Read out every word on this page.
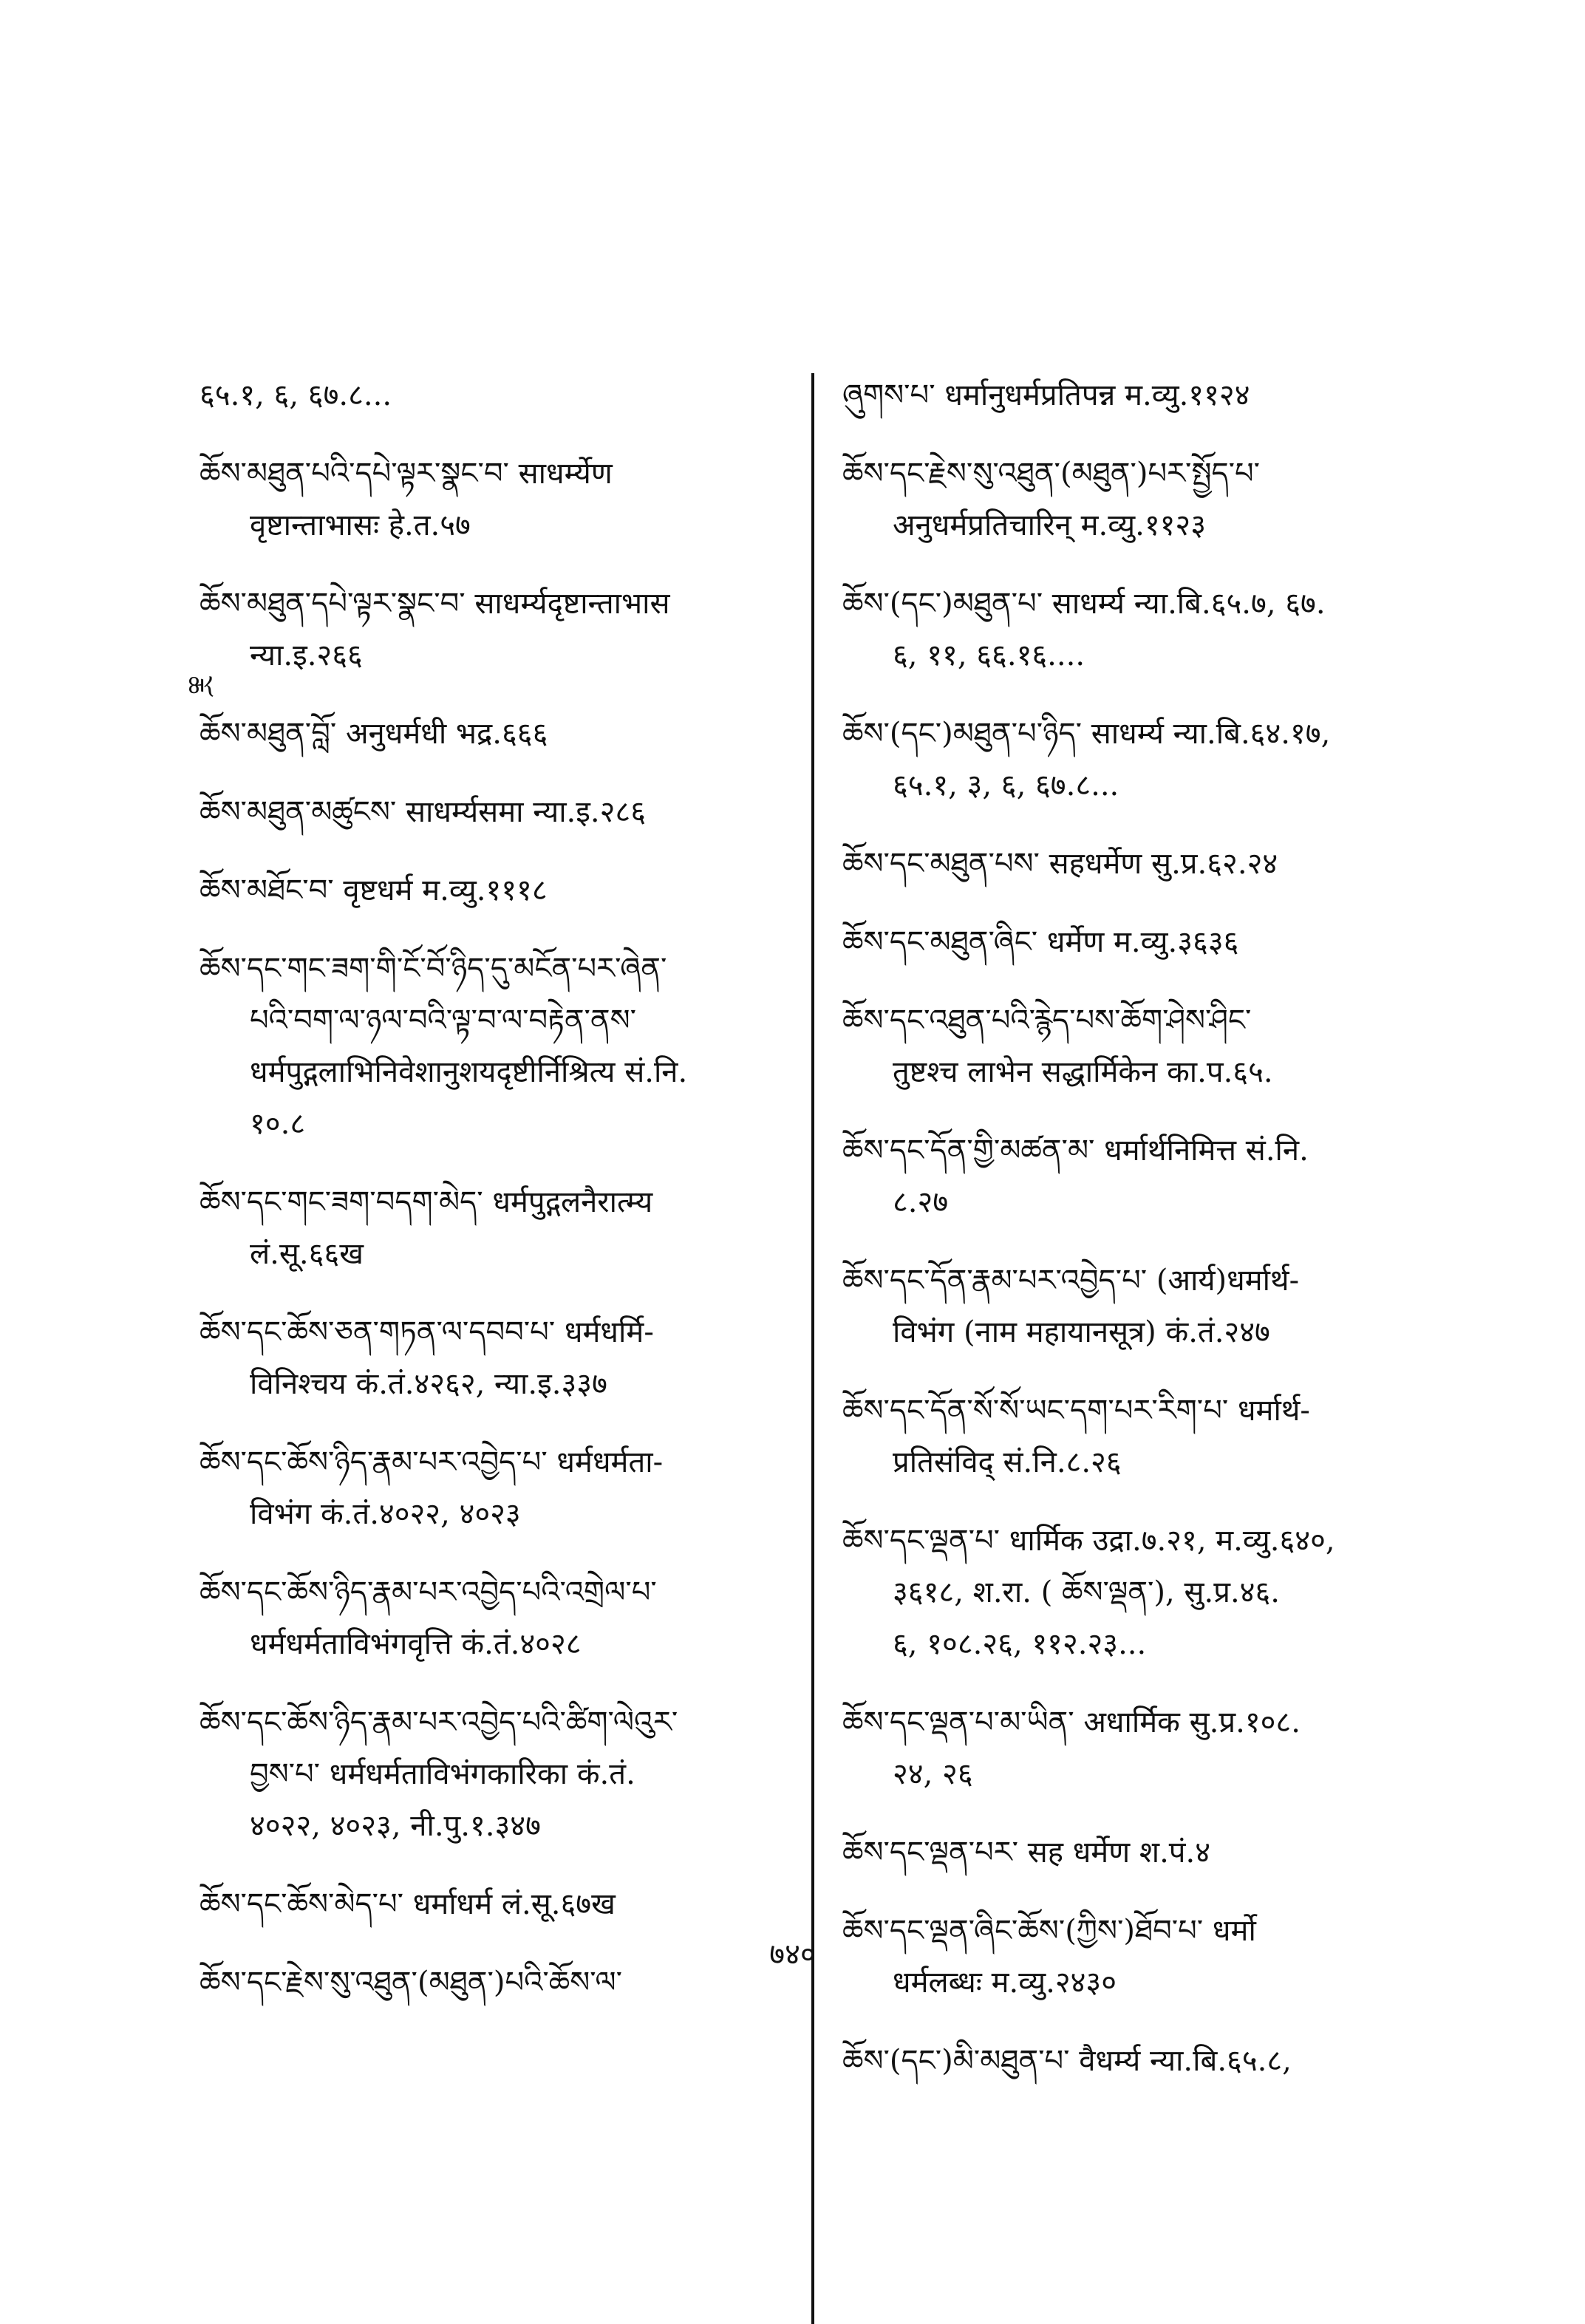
ཆོ
६५.१, ६, ६७.८...
ཆོས་མཐུན་པའི་དཔེ་ལྟར་སྣང་བ་ साधर्म्येण
वृष्टान्ताभासः हे.त.५७
ཆོས་མཐུན་དཔེ་ལྟར་སྣང་བ་ साधर्म्यदृष्टान्ताभास
न्या.इ.२६६
ཆོས་མཐུན་བློ་ अनुधर्मधी भद्र.६६६
ཆོས་མཐུན་མཚུངས་ साधर्म्यसमा न्या.इ.२८६
ཆོས་མཐོང་བ་ वृष्टधर्म म.व्यु.१११८
ཆོས་དང་གང་ཟག་གི་ངོ་བོ་ཉིད་དུ་མངོན་པར་ཞེན་
པའི་བག་ལ་ཉལ་བའི་ལྟ་བ་ལ་བརྟེན་ནས་
धर्मपुद्गलाभिनिवेशानुशयदृष्टीर्निश्रित्य सं.नि.
१०.८
ཆོས་དང་གང་ཟག་བདག་མེད་ धर्मपुद्गलनैरात्म्य
लं.सू.६६ख
ཆོས་དང་ཆོས་ཅན་གཏན་ལ་དབབ་པ་ धर्मधर्मि-
विनिश्चय कं.तं.४२६२, न्या.इ.३३७
ཆོས་དང་ཆོས་ཉིད་རྣམ་པར་འབྱེད་པ་ धर्मधर्मता-
विभंग कं.तं.४०२२, ४०२३
ཆོས་དང་ཆོས་ཉིད་རྣམ་པར་འབྱེད་པའི་འགྲེལ་པ་
धर्मधर्मताविभंगवृत्ति कं.तं.४०२८
ཆོས་དང་ཆོས་ཉིད་རྣམ་པར་འབྱེད་པའི་ཚིག་ལེའུར་
བྱས་པ་ धर्मधर्मताविभंगकारिका कं.तं.
४०२२, ४०२३, नी.पु.१.३४७
ཆོས་དང་ཆོས་མེད་པ་ धर्माधर्म लं.सू.६७ख
ཆོས་དང་རྗེས་སུ་འཐུན་(མཐུན་)པའི་ཆོས་ལ་
ཞུགས་པ་ धर्मानुधर्मप्रतिपन्न म.व्यु.११२४
ཆོས་དང་རྗེས་སུ་འཐུན་(མཐུན་)པར་སྤྱོད་པ་
अनुधर्मप्रतिचारिन् म.व्यु.११२३
ཆོས་(དང་)མཐུན་པ་ साधर्म्य न्या.बि.६५.७, ६७.
६, ११, ६६.१६....
ཆོས་(དང་)མཐུན་པ་ཉིད་ साधर्म्य न्या.बि.६४.१७,
६५.१, ३, ६, ६७.८...
ཆོས་དང་མཐུན་པས་ सहधर्मेण सु.प्र.६२.२४
ཆོས་དང་མཐུན་ཞིང་ धर्मेण म.व्यु.३६३६
ཆོས་དང་འཐུན་པའི་རྙེད་པས་ཆོག་ཤེས་ཤིང་
तुष्टश्च लाभेन सद्धार्मिकेन का.प.६५.
ཆོས་དང་དོན་གྱི་མཚན་མ་ धर्मार्थनिमित्त सं.नि.
८.२७
ཆོས་དང་དོན་རྣམ་པར་འབྱེད་པ་ (आर्य)धर्मार्थ-
विभंग (नाम महायानसूत्र) कं.तं.२४७
ཆོས་དང་དོན་སོ་སོ་ཡང་དག་པར་རིག་པ་ धर्मार्थ-
प्रतिसंविद् सं.नि.८.२६
ཆོས་དང་ལྡན་པ་ धार्मिक उद्रा.७.२१, म.व्यु.६४०,
३६१८, श.रा. ( ཆོས་ལྡན་), सु.प्र.४६.
६, १०८.२६, ११२.२३...
ཆོས་དང་ལྡན་པ་མ་ཡིན་ अधार्मिक सु.प्र.१०८.
२४, २६
ཆོས་དང་ལྡན་པར་ सह धर्मेण श.पं.४
ཆོས་དང་ལྡན་ཞིང་ཆོས་(ཀྱིས་)ཐོབ་པ་ धर्मो
धर्मलब्धः म.व्यु.२४३०
ཆོས་(དང་)མི་མཐུན་པ་ वैधर्म्य न्या.बि.६५.८,
७४०
